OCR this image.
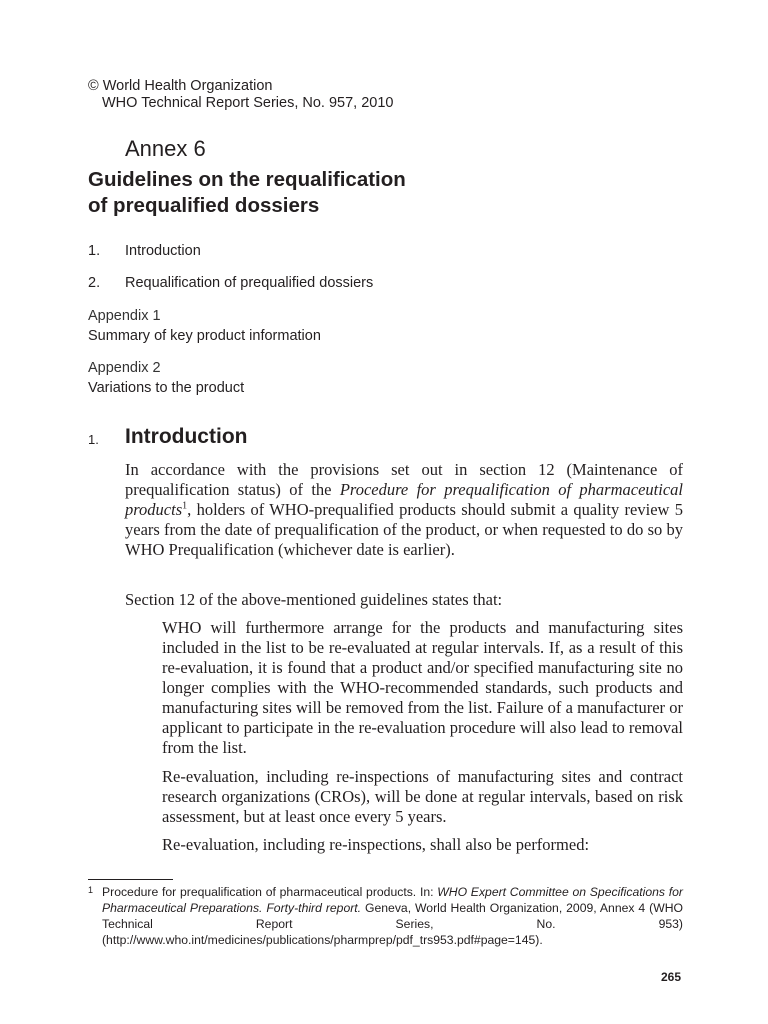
© World Health Organization
WHO Technical Report Series, No. 957, 2010
Annex 6
Guidelines on the requalification
of prequalified dossiers
1. Introduction
2. Requalification of prequalified dossiers
Appendix 1
Summary of key product information
Appendix 2
Variations to the product
1. Introduction
In accordance with the provisions set out in section 12 (Maintenance of prequalification status) of the Procedure for prequalification of pharmaceutical products$^1$, holders of WHO-prequalified products should submit a quality review 5 years from the date of prequalification of the product, or when requested to do so by WHO Prequalification (whichever date is earlier).
Section 12 of the above-mentioned guidelines states that:
WHO will furthermore arrange for the products and manufacturing sites included in the list to be re-evaluated at regular intervals. If, as a result of this re-evaluation, it is found that a product and/or specified manufacturing site no longer complies with the WHO-recommended standards, such products and manufacturing sites will be removed from the list. Failure of a manufacturer or applicant to participate in the re-evaluation procedure will also lead to removal from the list.
Re-evaluation, including re-inspections of manufacturing sites and contract research organizations (CROs), will be done at regular intervals, based on risk assessment, but at least once every 5 years.
Re-evaluation, including re-inspections, shall also be performed:
1 Procedure for prequalification of pharmaceutical products. In: WHO Expert Committee on Specifications for Pharmaceutical Preparations. Forty-third report. Geneva, World Health Organization, 2009, Annex 4 (WHO Technical Report Series, No. 953) (http://www.who.int/medicines/publications/pharmprep/pdf_trs953.pdf#page=145).
265
